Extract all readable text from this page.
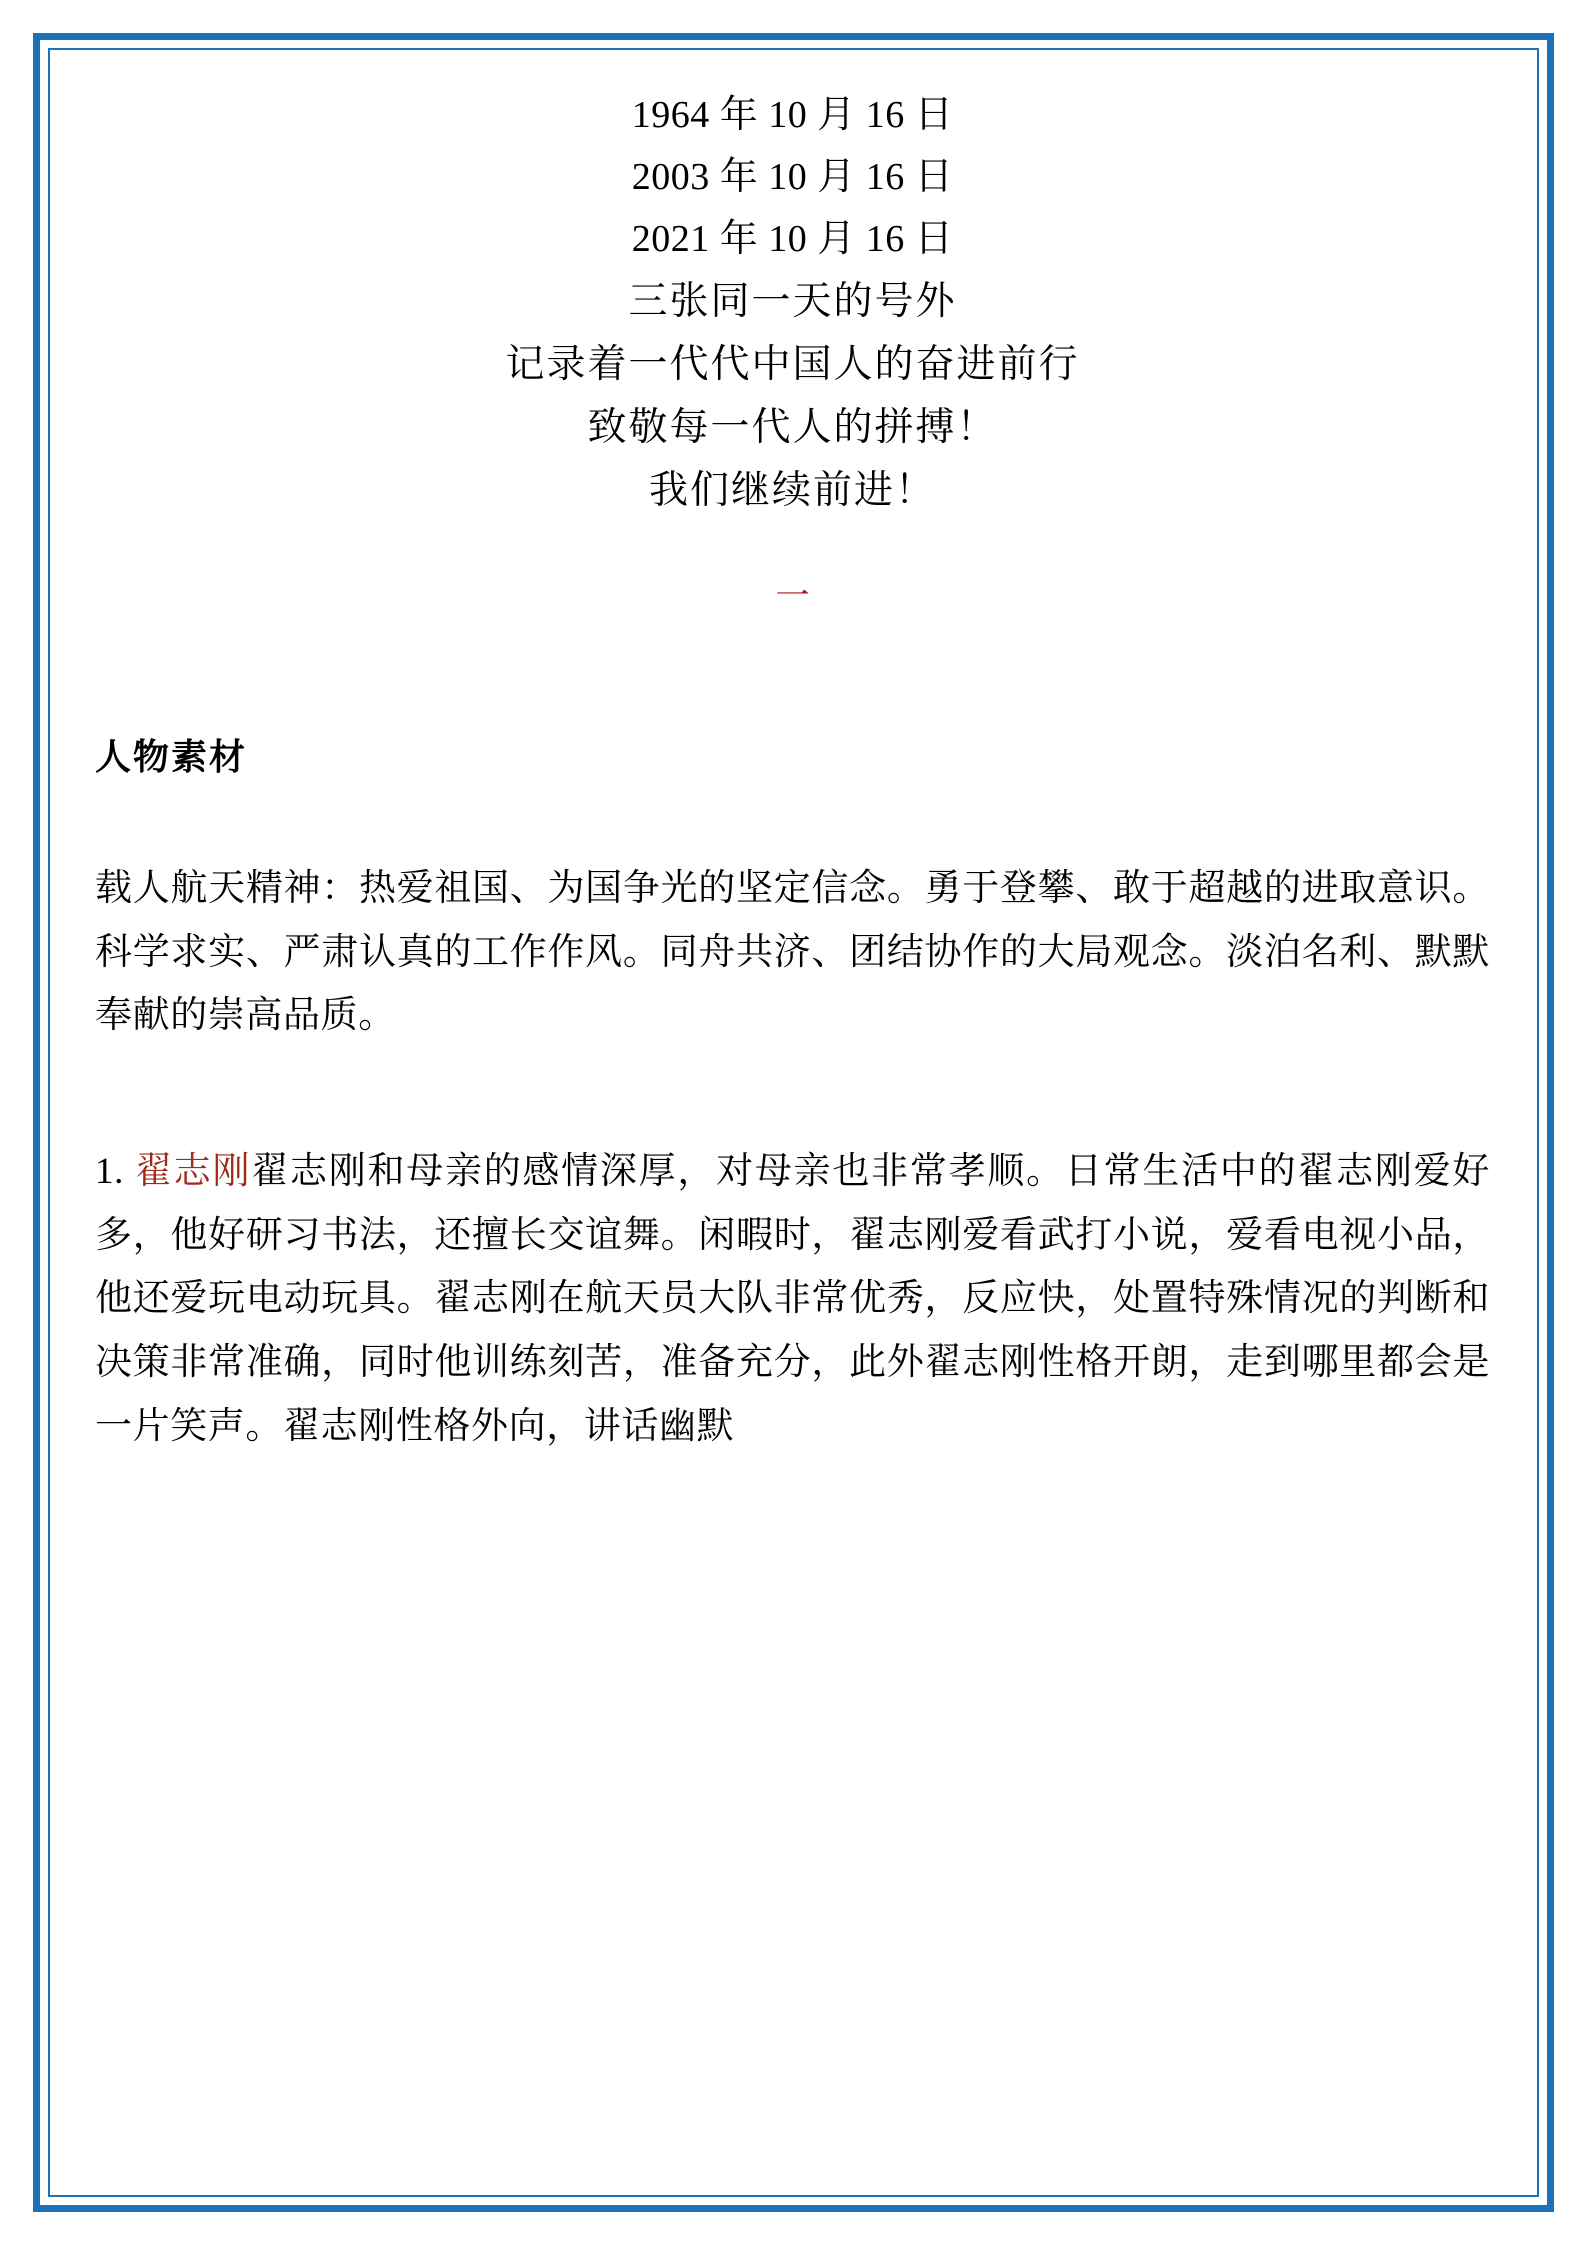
1964 年 10 月 16 日

2003 年 10 月 16 日

2021 年 10 月 16 日

三张同一天的号外

记录着一代代中国人的奋进前行

致敬每一代人的拼搏！

我们继续前进！

一
人物素材

载人航天精神：热爱祖国、为国争光的坚定信念。勇于登攀、敢于超越的进取意识。科学求实、严肃认真的工作作风。同舟共济、团结协作的大局观念。淡泊名利、默默奉献的崇高品质。

1. 翟志刚翟志刚和母亲的感情深厚，对母亲也非常孝顺。日常生活中的翟志刚爱好多，他好研习书法，还擅长交谊舞。闲暇时，翟志刚爱看武打小说，爱看电视小品，他还爱玩电动玩具。翟志刚在航天员大队非常优秀，反应快，处置特殊情况的判断和决策非常准确，同时他训练刻苦，准备充分，此外翟志刚性格开朗，走到哪里都会是一片笑声。翟志刚性格外向，讲话幽默
